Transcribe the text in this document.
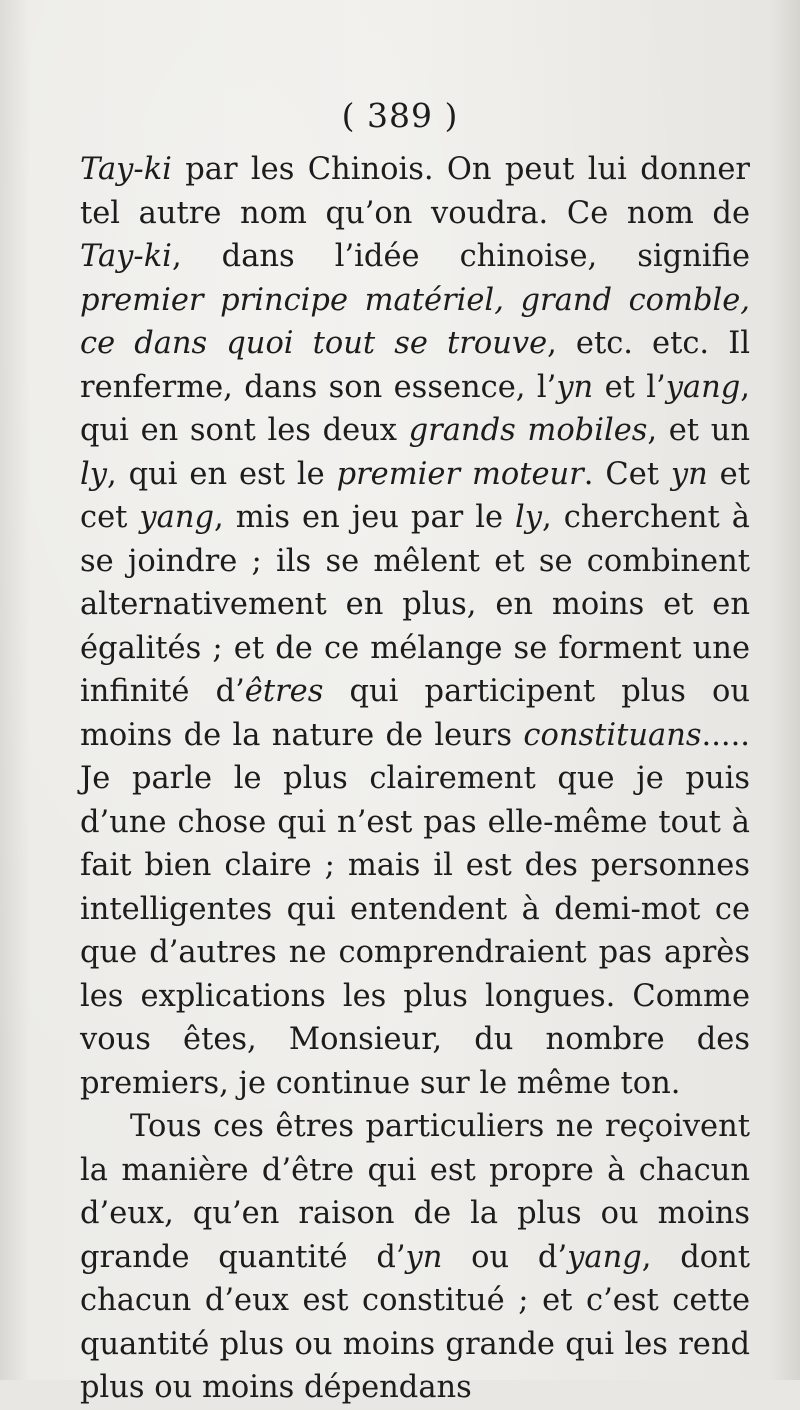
( 389 )

Tay-ki par les Chinois. On peut lui donner tel autre nom qu’on voudra. Ce nom de Tay-ki, dans l’idée chinoise, signifie premier principe matériel, grand comble, ce dans quoi tout se trouve, etc. etc. Il renferme, dans son essence, l’yn et l’yang, qui en sont les deux grands mobiles, et un ly, qui en est le premier moteur. Cet yn et cet yang, mis en jeu par le ly, cherchent à se joindre ; ils se mêlent et se combinent alternativement en plus, en moins et en égalités ; et de ce mélange se forment une infinité d’êtres qui participent plus ou moins de la nature de leurs constituans..... Je parle le plus clairement que je puis d’une chose qui n’est pas elle-même tout à fait bien claire ; mais il est des personnes intelligentes qui entendent à demi-mot ce que d’autres ne comprendraient pas après les explications les plus longues. Comme vous êtes, Monsieur, du nombre des premiers, je continue sur le même ton.

Tous ces êtres particuliers ne reçoivent la manière d’être qui est propre à chacun d’eux, qu’en raison de la plus ou moins grande quantité d’yn ou d’yang, dont chacun d’eux est constitué ; et c’est cette quantité plus ou moins grande qui les rend plus ou moins dépendans
